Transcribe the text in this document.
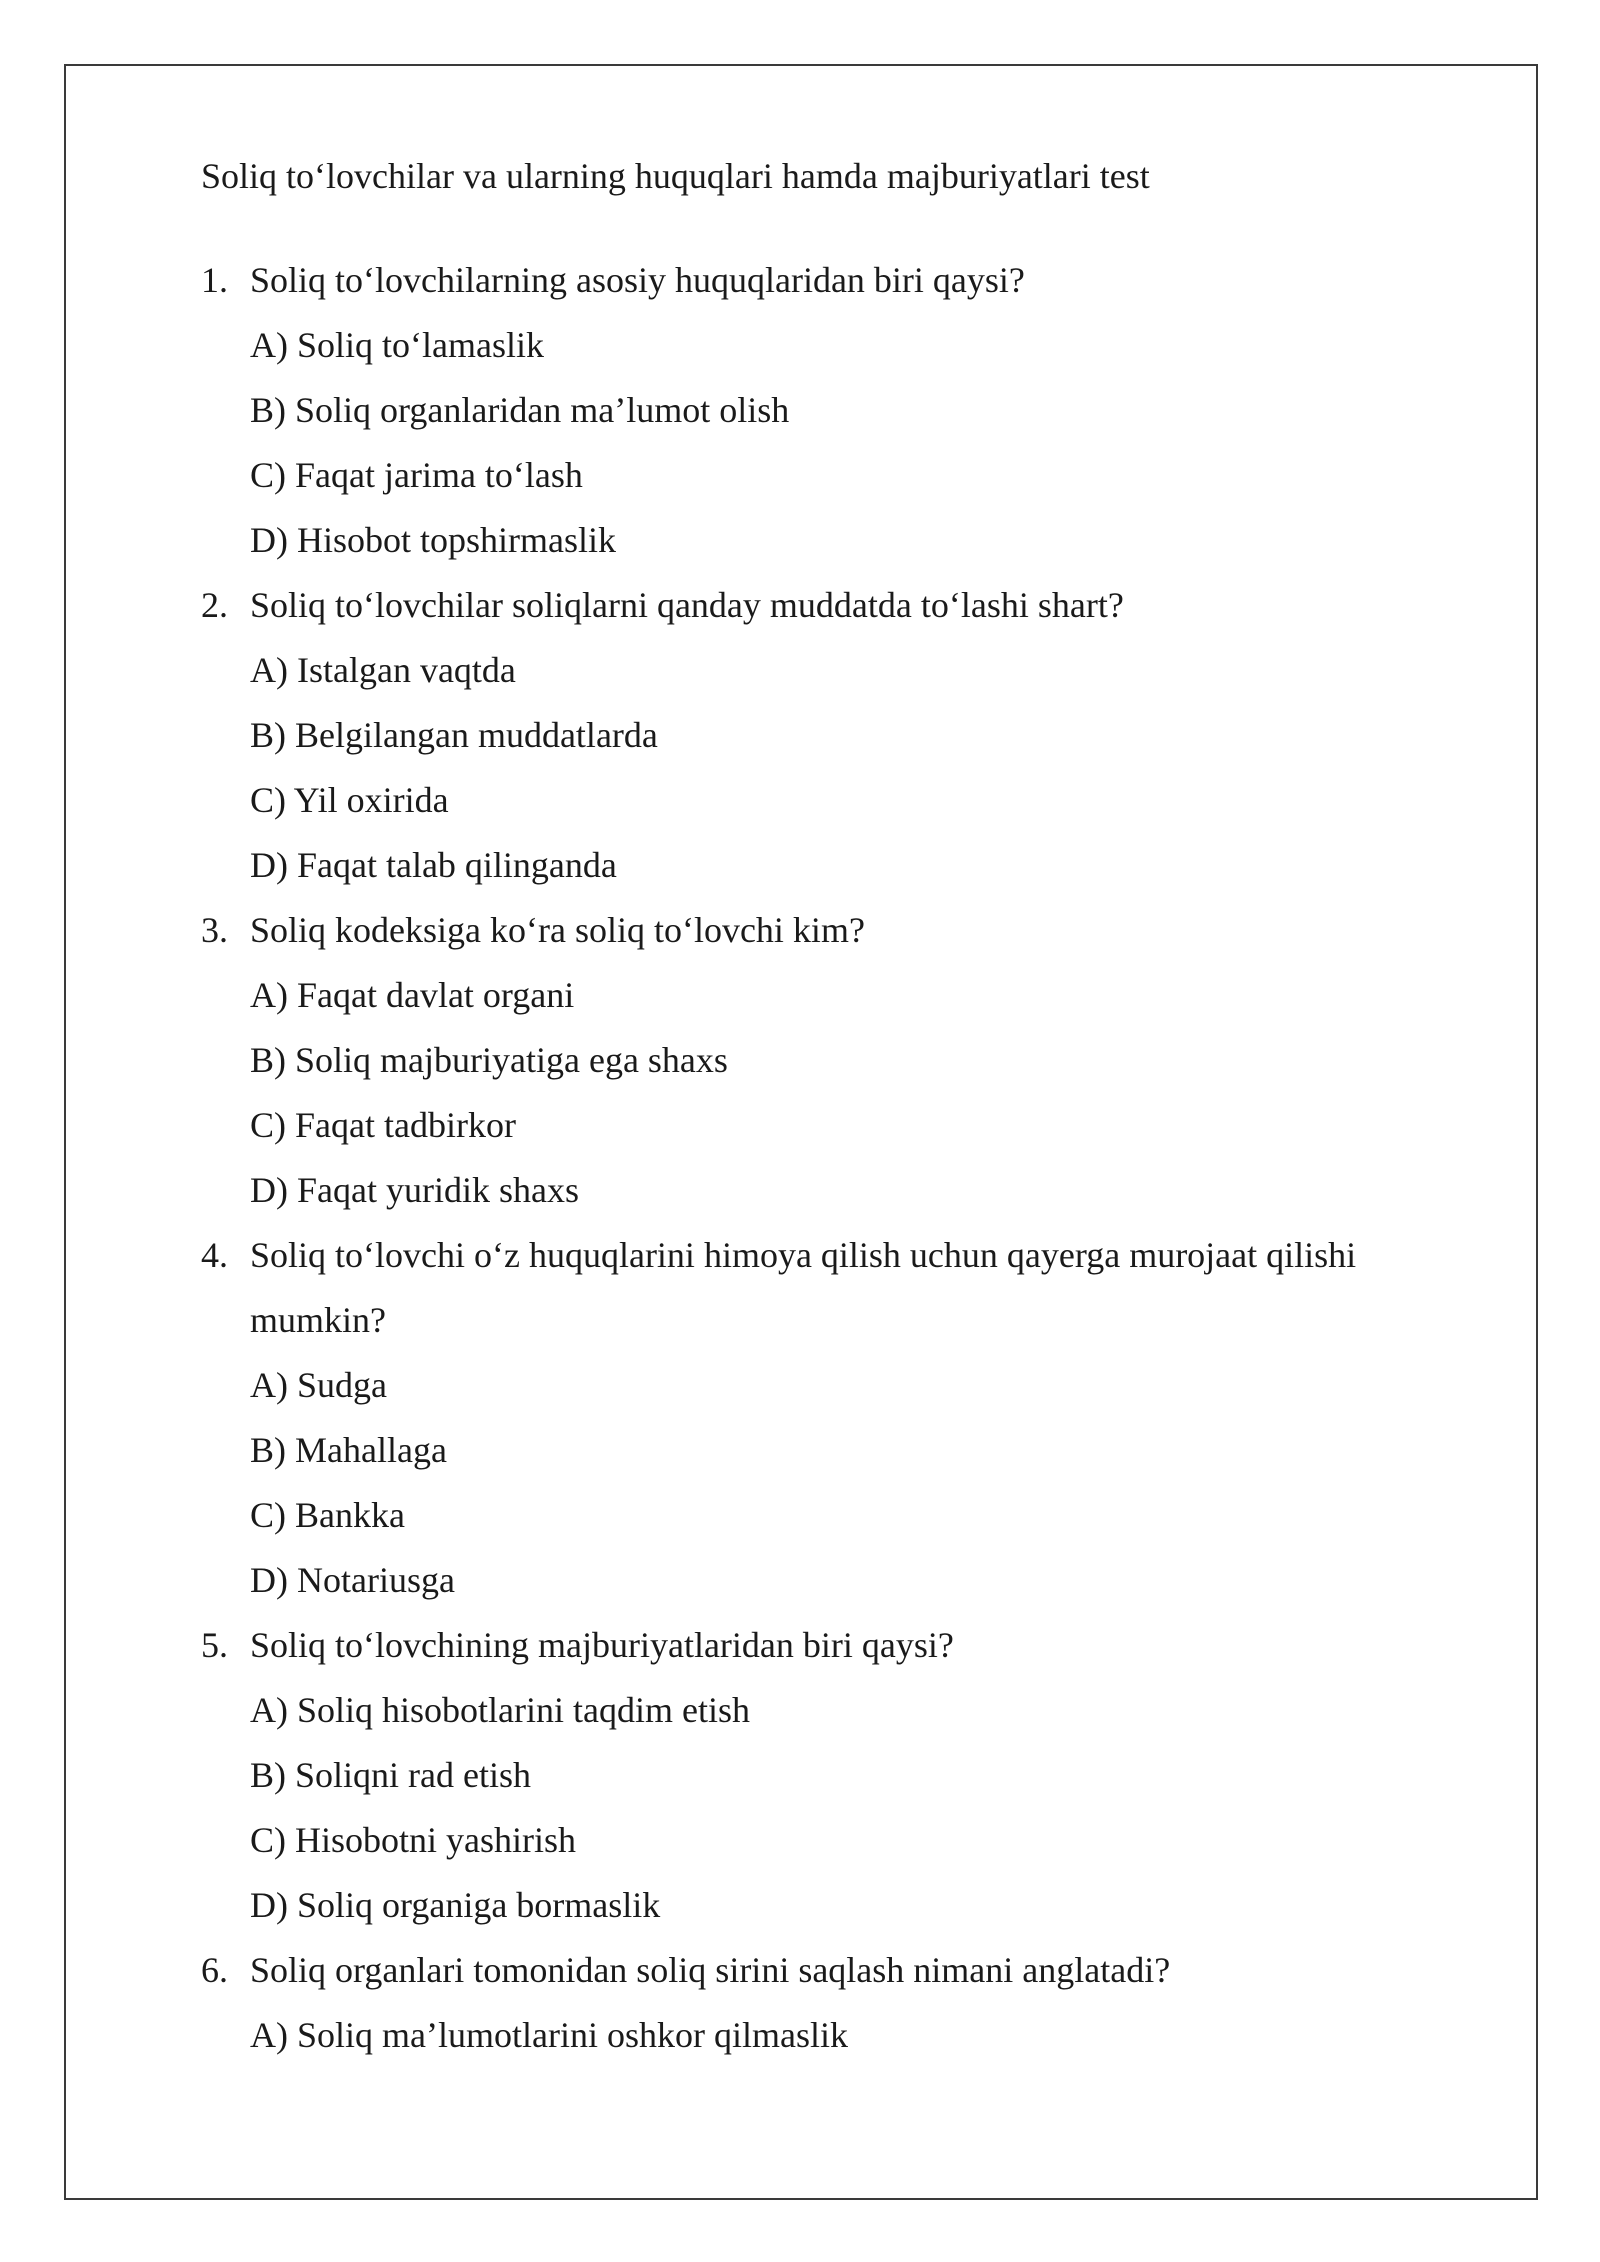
Soliq to‘lovchilar va ularning huquqlari hamda majburiyatlari test
1. Soliq to‘lovchilarning asosiy huquqlaridan biri qaysi?
A) Soliq to‘lamaslik
B) Soliq organlaridan ma’lumot olish
C) Faqat jarima to‘lash
D) Hisobot topshirmaslik
2. Soliq to‘lovchilar soliqlarni qanday muddatda to‘lashi shart?
A) Istalgan vaqtda
B) Belgilangan muddatlarda
C) Yil oxirida
D) Faqat talab qilinganda
3. Soliq kodeksiga ko‘ra soliq to‘lovchi kim?
A) Faqat davlat organi
B) Soliq majburiyatiga ega shaxs
C) Faqat tadbirkor
D) Faqat yuridik shaxs
4. Soliq to‘lovchi o‘z huquqlarini himoya qilish uchun qayerga murojaat qilishi mumkin?
A) Sudga
B) Mahallaga
C) Bankka
D) Notariusga
5. Soliq to‘lovchining majburiyatlaridan biri qaysi?
A) Soliq hisobotlarini taqdim etish
B) Soliqni rad etish
C) Hisobotni yashirish
D) Soliq organiga bormaslik
6. Soliq organlari tomonidan soliq sirini saqlash nimani anglatadi?
A) Soliq ma’lumotlarini oshkor qilmaslik
